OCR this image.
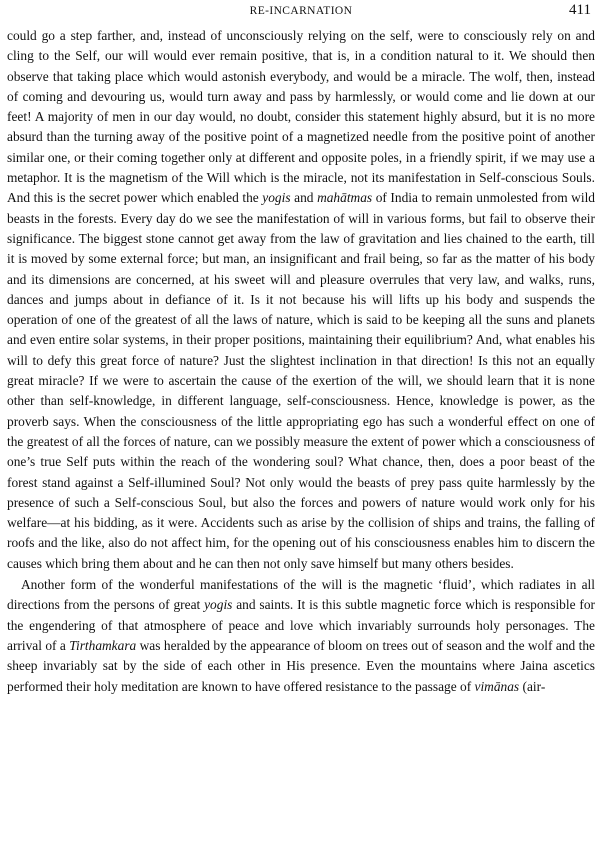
RE-INCARNATION	411

could go a step farther, and, instead of unconsciously relying on the self, were to consciously rely on and cling to the Self, our will would ever remain positive, that is, in a condition natural to it. We should then observe that taking place which would astonish everybody, and would be a miracle. The wolf, then, instead of coming and devouring us, would turn away and pass by harmlessly, or would come and lie down at our feet! A majority of men in our day would, no doubt, consider this statement highly absurd, but it is no more absurd than the turning away of the positive point of a magnetized needle from the positive point of another similar one, or their coming together only at different and opposite poles, in a friendly spirit, if we may use a metaphor. It is the magnetism of the Will which is the miracle, not its manifestation in Self-conscious Souls. And this is the secret power which enabled the yogis and mahātmas of India to remain unmolested from wild beasts in the forests. Every day do we see the manifestation of will in various forms, but fail to observe their significance. The biggest stone cannot get away from the law of gravitation and lies chained to the earth, till it is moved by some external force; but man, an insignificant and frail being, so far as the matter of his body and its dimensions are concerned, at his sweet will and pleasure overrules that very law, and walks, runs, dances and jumps about in defiance of it. Is it not because his will lifts up his body and suspends the operation of one of the greatest of all the laws of nature, which is said to be keeping all the suns and planets and even entire solar systems, in their proper positions, maintaining their equilibrium? And, what enables his will to defy this great force of nature? Just the slightest inclination in that direction! Is this not an equally great miracle? If we were to ascertain the cause of the exertion of the will, we should learn that it is none other than self-knowledge, in different language, self-consciousness. Hence, knowledge is power, as the proverb says. When the consciousness of the little appropriating ego has such a wonderful effect on one of the greatest of all the forces of nature, can we possibly measure the extent of power which a consciousness of one’s true Self puts within the reach of the wondering soul? What chance, then, does a poor beast of the forest stand against a Self-illumined Soul? Not only would the beasts of prey pass quite harmlessly by the presence of such a Self-conscious Soul, but also the forces and powers of nature would work only for his welfare—at his bidding, as it were. Accidents such as arise by the collision of ships and trains, the falling of roofs and the like, also do not affect him, for the opening out of his consciousness enables him to discern the causes which bring them about and he can then not only save himself but many others besides.

Another form of the wonderful manifestations of the will is the magnetic ‘fluid’, which radiates in all directions from the persons of great yogis and saints. It is this subtle magnetic force which is responsible for the engendering of that atmosphere of peace and love which invariably surrounds holy personages. The arrival of a Tirthamkara was heralded by the appearance of bloom on trees out of season and the wolf and the sheep invariably sat by the side of each other in His presence. Even the mountains where Jaina ascetics performed their holy meditation are known to have offered resistance to the passage of vimānas (air-
